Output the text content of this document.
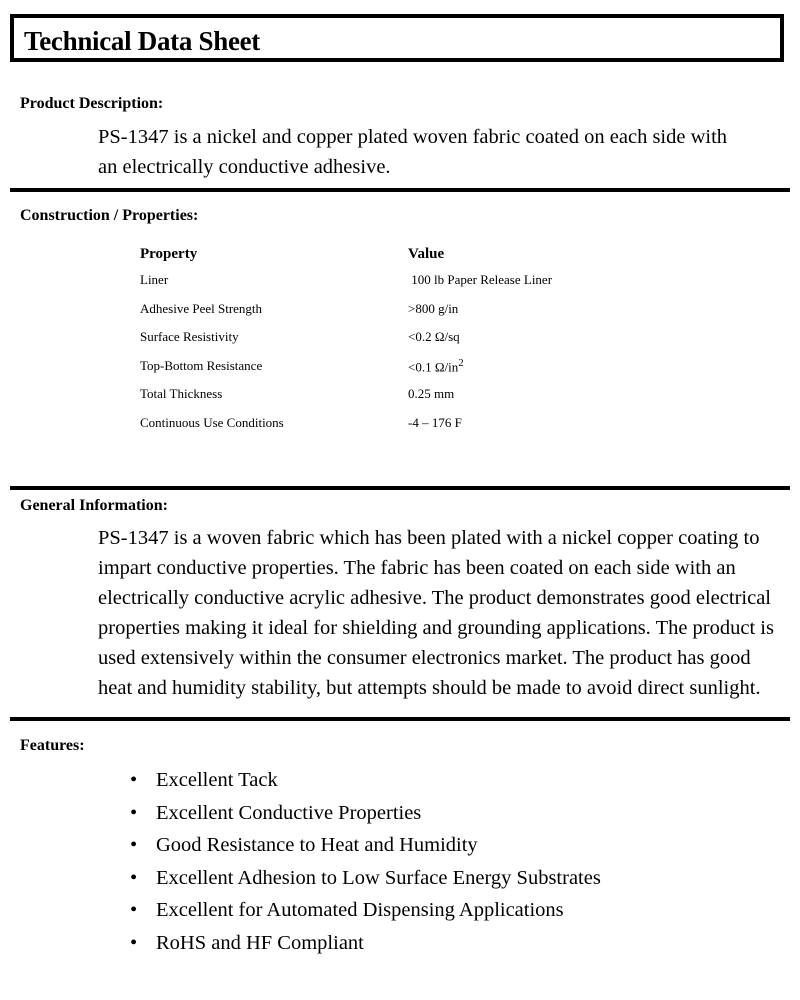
Technical Data Sheet
Product Description:

PS-1347 is a nickel and copper plated woven fabric coated on each side with an electrically conductive adhesive.

Construction / Properties:
Property	Value
Liner	100 lb Paper Release Liner
Adhesive Peel Strength	>800 g/in
Surface Resistivity	<0.2 Ω/sq
Top-Bottom Resistance	<0.1 $\Omega/in^2$
Total Thickness	0.25 mm
Continuous Use Conditions	-4 – 176 F
General Information:

PS-1347 is a woven fabric which has been plated with a nickel copper coating to impart conductive properties. The fabric has been coated on each side with an electrically conductive acrylic adhesive. The product demonstrates good electrical properties making it ideal for shielding and grounding applications. The product is used extensively within the consumer electronics market. The product has good heat and humidity stability, but attempts should be made to avoid direct sunlight.

Features:
• Excellent Tack
• Excellent Conductive Properties
• Good Resistance to Heat and Humidity
• Excellent Adhesion to Low Surface Energy Substrates
• Excellent for Automated Dispensing Applications
• RoHS and HF Compliant
